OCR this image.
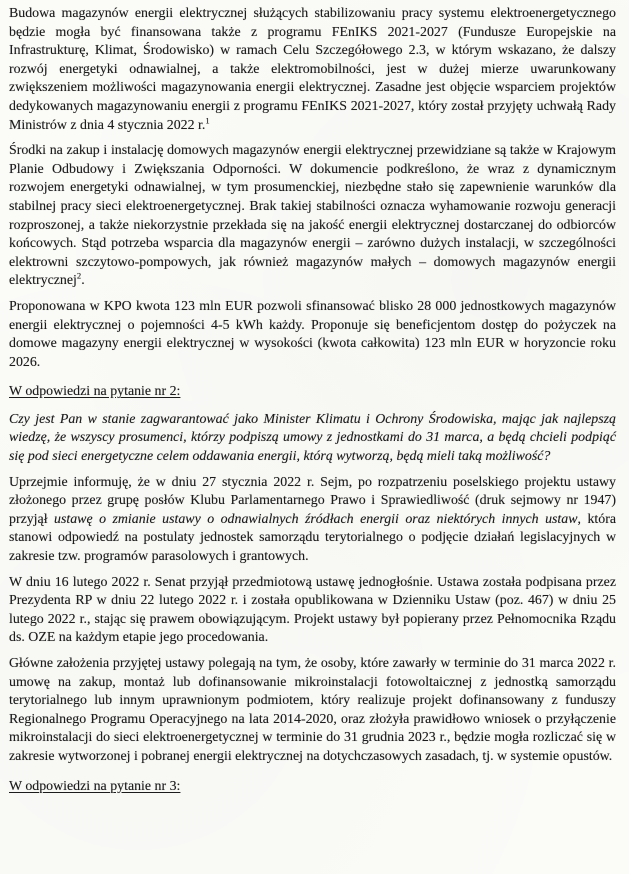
Budowa magazynów energii elektrycznej służących stabilizowaniu pracy systemu elektroenergetycznego będzie mogła być finansowana także z programu FEnIKS 2021-2027 (Fundusze Europejskie na Infrastrukturę, Klimat, Środowisko) w ramach Celu Szczegółowego 2.3, w którym wskazano, że dalszy rozwój energetyki odnawialnej, a także elektromobilności, jest w dużej mierze uwarunkowany zwiększeniem możliwości magazynowania energii elektrycznej. Zasadne jest objęcie wsparciem projektów dedykowanych magazynowaniu energii z programu FEnIKS 2021-2027, który został przyjęty uchwałą Rady Ministrów z dnia 4 stycznia 2022 r.$^1$

Środki na zakup i instalację domowych magazynów energii elektrycznej przewidziane są także w Krajowym Planie Odbudowy i Zwiększania Odporności. W dokumencie podkreślono, że wraz z dynamicznym rozwojem energetyki odnawialnej, w tym prosumenckiej, niezbędne stało się zapewnienie warunków dla stabilnej pracy sieci elektroenergetycznej. Brak takiej stabilności oznacza wyhamowanie rozwoju generacji rozproszonej, a także niekorzystnie przekłada się na jakość energii elektrycznej dostarczanej do odbiorców końcowych. Stąd potrzeba wsparcia dla magazynów energii – zarówno dużych instalacji, w szczególności elektrowni szczytowo-pompowych, jak również magazynów małych – domowych magazynów energii elektrycznej$^2$.

Proponowana w KPO kwota 123 mln EUR pozwoli sfinansować blisko 28 000 jednostkowych magazynów energii elektrycznej o pojemności 4-5 kWh każdy. Proponuje się beneficjentom dostęp do pożyczek na domowe magazyny energii elektrycznej w wysokości (kwota całkowita) 123 mln EUR w horyzoncie roku 2026.

W odpowiedzi na pytanie nr 2:

Czy jest Pan w stanie zagwarantować jako Minister Klimatu i Ochrony Środowiska, mając jak najlepszą wiedzę, że wszyscy prosumenci, którzy podpiszą umowy z jednostkami do 31 marca, a będą chcieli podpiąć się pod sieci energetyczne celem oddawania energii, którą wytworzą, będą mieli taką możliwość?

Uprzejmie informuję, że w dniu 27 stycznia 2022 r. Sejm, po rozpatrzeniu poselskiego projektu ustawy złożonego przez grupę posłów Klubu Parlamentarnego Prawo i Sprawiedliwość (druk sejmowy nr 1947) przyjął ustawę o zmianie ustawy o odnawialnych źródłach energii oraz niektórych innych ustaw, która stanowi odpowiedź na postulaty jednostek samorządu terytorialnego o podjęcie działań legislacyjnych w zakresie tzw. programów parasolowych i grantowych.

W dniu 16 lutego 2022 r. Senat przyjął przedmiotową ustawę jednogłośnie. Ustawa została podpisana przez Prezydenta RP w dniu 22 lutego 2022 r. i została opublikowana w Dzienniku Ustaw (poz. 467) w dniu 25 lutego 2022 r., stając się prawem obowiązującym. Projekt ustawy był popierany przez Pełnomocnika Rządu ds. OZE na każdym etapie jego procedowania.

Główne założenia przyjętej ustawy polegają na tym, że osoby, które zawarły w terminie do 31 marca 2022 r. umowę na zakup, montaż lub dofinansowanie mikroinstalacji fotowoltaicznej z jednostką samorządu terytorialnego lub innym uprawnionym podmiotem, który realizuje projekt dofinansowany z funduszy Regionalnego Programu Operacyjnego na lata 2014-2020, oraz złożyła prawidłowo wniosek o przyłączenie mikroinstalacji do sieci elektroenergetycznej w terminie do 31 grudnia 2023 r., będzie mogła rozliczać się w zakresie wytworzonej i pobranej energii elektrycznej na dotychczasowych zasadach, tj. w systemie opustów.

W odpowiedzi na pytanie nr 3:
